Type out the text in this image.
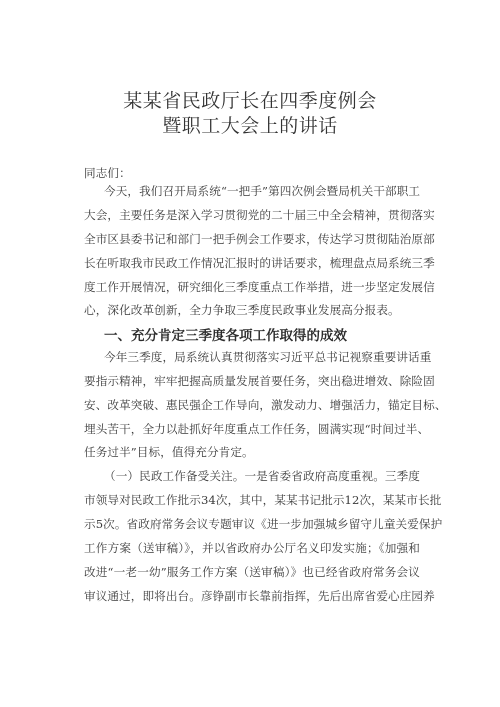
某某省民政厅长在四季度例会
暨职工大会上的讲话
同志们：
今天，我们召开局系统“一把手”第四次例会暨局机关干部职工
大会，主要任务是深入学习贯彻党的二十届三中全会精神，贯彻落实
全市区县委书记和部门一把手例会工作要求，传达学习贯彻陆治原部
长在听取我市民政工作情况汇报时的讲话要求，梳理盘点局系统三季
度工作开展情况，研究细化三季度重点工作举措，进一步坚定发展信
心，深化改革创新，全力争取三季度民政事业发展高分报表。
一、充分肯定三季度各项工作取得的成效
今年三季度，局系统认真贯彻落实习近平总书记视察重要讲话重
要指示精神，牢牢把握高质量发展首要任务，突出稳进增效、除险固
安、改革突破、惠民强企工作导向，激发动力、增强活力，锚定目标、
埋头苦干，全力以赴抓好年度重点工作任务，圆满实现“时间过半、
任务过半”目标，值得充分肯定。
（一）民政工作备受关注。一是省委省政府高度重视。三季度
市领导对民政工作批示34次，其中，某某书记批示12次，某某市长批
示5次。省政府常务会议专题审议《进一步加强城乡留守儿童关爱保护
工作方案（送审稿）》，并以省政府办公厅名义印发实施；《加强和
改进“一老一幼”服务工作方案（送审稿）》也已经省政府常务会议
审议通过，即将出台。彦铮副市长靠前指挥，先后出席省爱心庄园养
